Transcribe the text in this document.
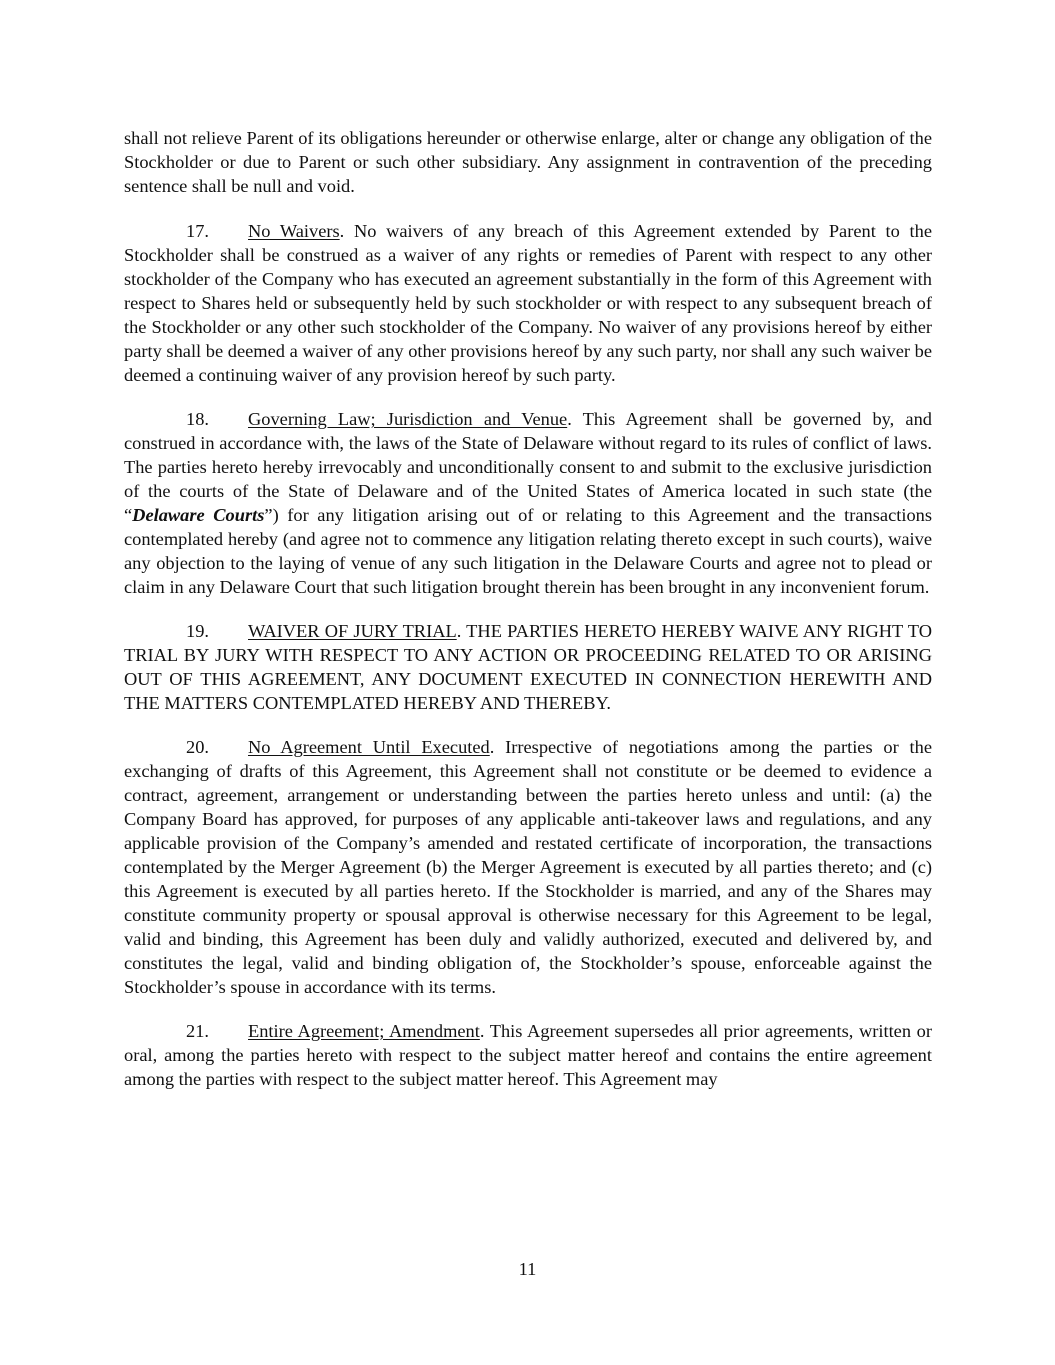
shall not relieve Parent of its obligations hereunder or otherwise enlarge, alter or change any obligation of the Stockholder or due to Parent or such other subsidiary. Any assignment in contravention of the preceding sentence shall be null and void.

17. No Waivers. No waivers of any breach of this Agreement extended by Parent to the Stockholder shall be construed as a waiver of any rights or remedies of Parent with respect to any other stockholder of the Company who has executed an agreement substantially in the form of this Agreement with respect to Shares held or subsequently held by such stockholder or with respect to any subsequent breach of the Stockholder or any other such stockholder of the Company. No waiver of any provisions hereof by either party shall be deemed a waiver of any other provisions hereof by any such party, nor shall any such waiver be deemed a continuing waiver of any provision hereof by such party.

18. Governing Law; Jurisdiction and Venue. This Agreement shall be governed by, and construed in accordance with, the laws of the State of Delaware without regard to its rules of conflict of laws. The parties hereto hereby irrevocably and unconditionally consent to and submit to the exclusive jurisdiction of the courts of the State of Delaware and of the United States of America located in such state (the “Delaware Courts”) for any litigation arising out of or relating to this Agreement and the transactions contemplated hereby (and agree not to commence any litigation relating thereto except in such courts), waive any objection to the laying of venue of any such litigation in the Delaware Courts and agree not to plead or claim in any Delaware Court that such litigation brought therein has been brought in any inconvenient forum.

19. WAIVER OF JURY TRIAL. THE PARTIES HERETO HEREBY WAIVE ANY RIGHT TO TRIAL BY JURY WITH RESPECT TO ANY ACTION OR PROCEEDING RELATED TO OR ARISING OUT OF THIS AGREEMENT, ANY DOCUMENT EXECUTED IN CONNECTION HEREWITH AND THE MATTERS CONTEMPLATED HEREBY AND THEREBY.

20. No Agreement Until Executed. Irrespective of negotiations among the parties or the exchanging of drafts of this Agreement, this Agreement shall not constitute or be deemed to evidence a contract, agreement, arrangement or understanding between the parties hereto unless and until: (a) the Company Board has approved, for purposes of any applicable anti-takeover laws and regulations, and any applicable provision of the Company’s amended and restated certificate of incorporation, the transactions contemplated by the Merger Agreement (b) the Merger Agreement is executed by all parties thereto; and (c) this Agreement is executed by all parties hereto. If the Stockholder is married, and any of the Shares may constitute community property or spousal approval is otherwise necessary for this Agreement to be legal, valid and binding, this Agreement has been duly and validly authorized, executed and delivered by, and constitutes the legal, valid and binding obligation of, the Stockholder’s spouse, enforceable against the Stockholder’s spouse in accordance with its terms.

21. Entire Agreement; Amendment. This Agreement supersedes all prior agreements, written or oral, among the parties hereto with respect to the subject matter hereof and contains the entire agreement among the parties with respect to the subject matter hereof. This Agreement may

11
